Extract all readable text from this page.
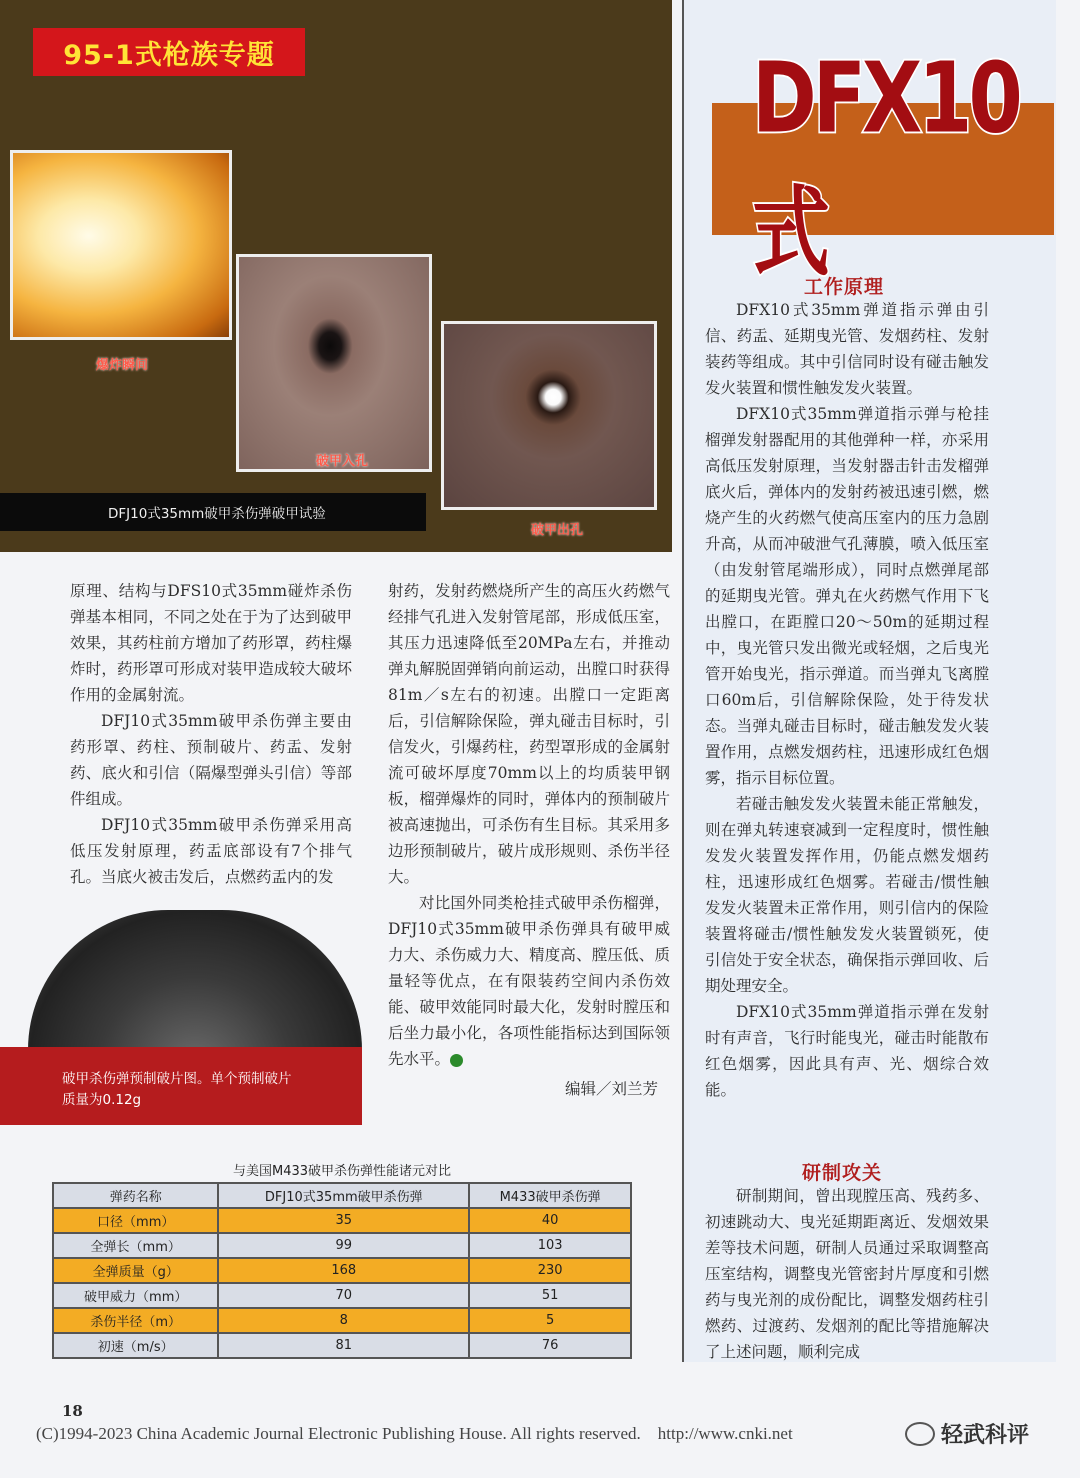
95-1式枪族专题
爆炸瞬间
破甲入孔
破甲出孔
DFJ10式35mm破甲杀伤弹破甲试验
DFX10式
工作原理

DFX10式35mm弹道指示弹由引信、药盂、延期曳光管、发烟药柱、发射装药等组成。其中引信同时设有碰击触发发火装置和惯性触发发火装置。

DFX10式35mm弹道指示弹与枪挂榴弹发射器配用的其他弹种一样，亦采用高低压发射原理，当发射器击针击发榴弹底火后，弹体内的发射药被迅速引燃，燃烧产生的火药燃气使高压室内的压力急剧升高，从而冲破泄气孔薄膜，喷入低压室（由发射管尾端形成），同时点燃弹尾部的延期曳光管。弹丸在火药燃气作用下飞出膛口，在距膛口20～50m的延期过程中，曳光管只发出微光或轻烟，之后曳光管开始曳光，指示弹道。而当弹丸飞离膛口60m后，引信解除保险，处于待发状态。当弹丸碰击目标时，碰击触发发火装置作用，点燃发烟药柱，迅速形成红色烟雾，指示目标位置。

若碰击触发发火装置未能正常触发，则在弹丸转速衰减到一定程度时，惯性触发发火装置发挥作用，仍能点燃发烟药柱，迅速形成红色烟雾。若碰击/惯性触发发火装置未正常作用，则引信内的保险装置将碰击/惯性触发发火装置锁死，使引信处于安全状态，确保指示弹回收、后期处理安全。

DFX10式35mm弹道指示弹在发射时有声音，飞行时能曳光，碰击时能散布红色烟雾，因此具有声、光、烟综合效能。

研制攻关

研制期间，曾出现膛压高、残药多、初速跳动大、曳光延期距离近、发烟效果差等技术问题，研制人员通过采取调整高压室结构，调整曳光管密封片厚度和引燃药与曳光剂的成份配比，调整发烟药柱引燃药、过渡药、发烟剂的配比等措施解决了上述问题，顺利完成

原理、结构与DFS10式35mm碰炸杀伤弹基本相同，不同之处在于为了达到破甲效果，其药柱前方增加了药形罩，药柱爆炸时，药形罩可形成对装甲造成较大破坏作用的金属射流。

DFJ10式35mm破甲杀伤弹主要由药形罩、药柱、预制破片、药盂、发射药、底火和引信（隔爆型弹头引信）等部件组成。

DFJ10式35mm破甲杀伤弹采用高低压发射原理，药盂底部设有7个排气孔。当底火被击发后，点燃药盂内的发

射药，发射药燃烧所产生的高压火药燃气经排气孔进入发射管尾部，形成低压室，其压力迅速降低至20MPa左右，并推动弹丸解脱固弹销向前运动，出膛口时获得81m／s左右的初速。出膛口一定距离后，引信解除保险，弹丸碰击目标时，引信发火，引爆药柱，药型罩形成的金属射流可破坏厚度70mm以上的均质装甲钢板，榴弹爆炸的同时，弹体内的预制破片被高速抛出，可杀伤有生目标。其采用多边形预制破片，破片成形规则、杀伤半径大。

对比国外同类枪挂式破甲杀伤榴弹，DFJ10式35mm破甲杀伤弹具有破甲威力大、杀伤威力大、精度高、膛压低、质量轻等优点，在有限装药空间内杀伤效能、破甲效能同时最大化，发射时膛压和后坐力最小化，各项性能指标达到国际领先水平。

编辑／刘兰芳
破甲杀伤弹预制破片图。单个预制破片质量为0.12g
与美国M433破甲杀伤弹性能诸元对比
弹药名称	DFJ10式35mm破甲杀伤弹	M433破甲杀伤弹
口径（mm）	35	40
全弹长（mm）	99	103
全弹质量（g）	168	230
破甲威力（mm）	70	51
杀伤半径（m）	8	5
初速（m/s）	81	76
18
(C)1994-2023 China Academic Journal Electronic Publishing House. All rights reserved.    http://www.cnki.net	轻武科评
